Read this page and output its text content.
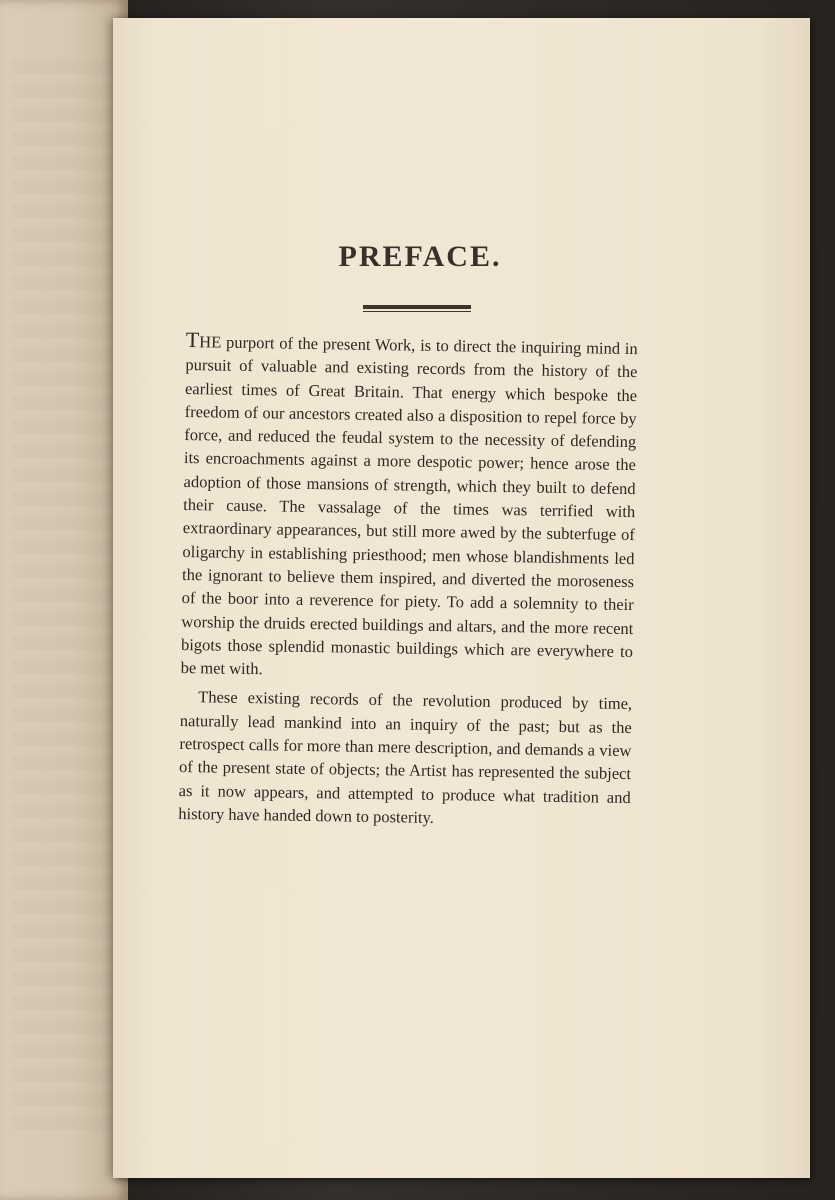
PREFACE.

THE purport of the present Work, is to direct the inquiring mind in pursuit of valuable and existing records from the history of the earliest times of Great Britain. That energy which bespoke the freedom of our ancestors created also a disposition to repel force by force, and reduced the feudal system to the necessity of defending its encroachments against a more despotic power; hence arose the adoption of those mansions of strength, which they built to defend their cause. The vassalage of the times was terrified with extraordinary appearances, but still more awed by the subterfuge of oligarchy in establishing priesthood; men whose blandishments led the ignorant to believe them inspired, and diverted the moroseness of the boor into a reverence for piety. To add a solemnity to their worship the druids erected buildings and altars, and the more recent bigots those splendid monastic buildings which are everywhere to be met with.

These existing records of the revolution produced by time, naturally lead mankind into an inquiry of the past; but as the retrospect calls for more than mere description, and demands a view of the present state of objects; the Artist has represented the subject as it now appears, and attempted to produce what tradition and history have handed down to posterity.
